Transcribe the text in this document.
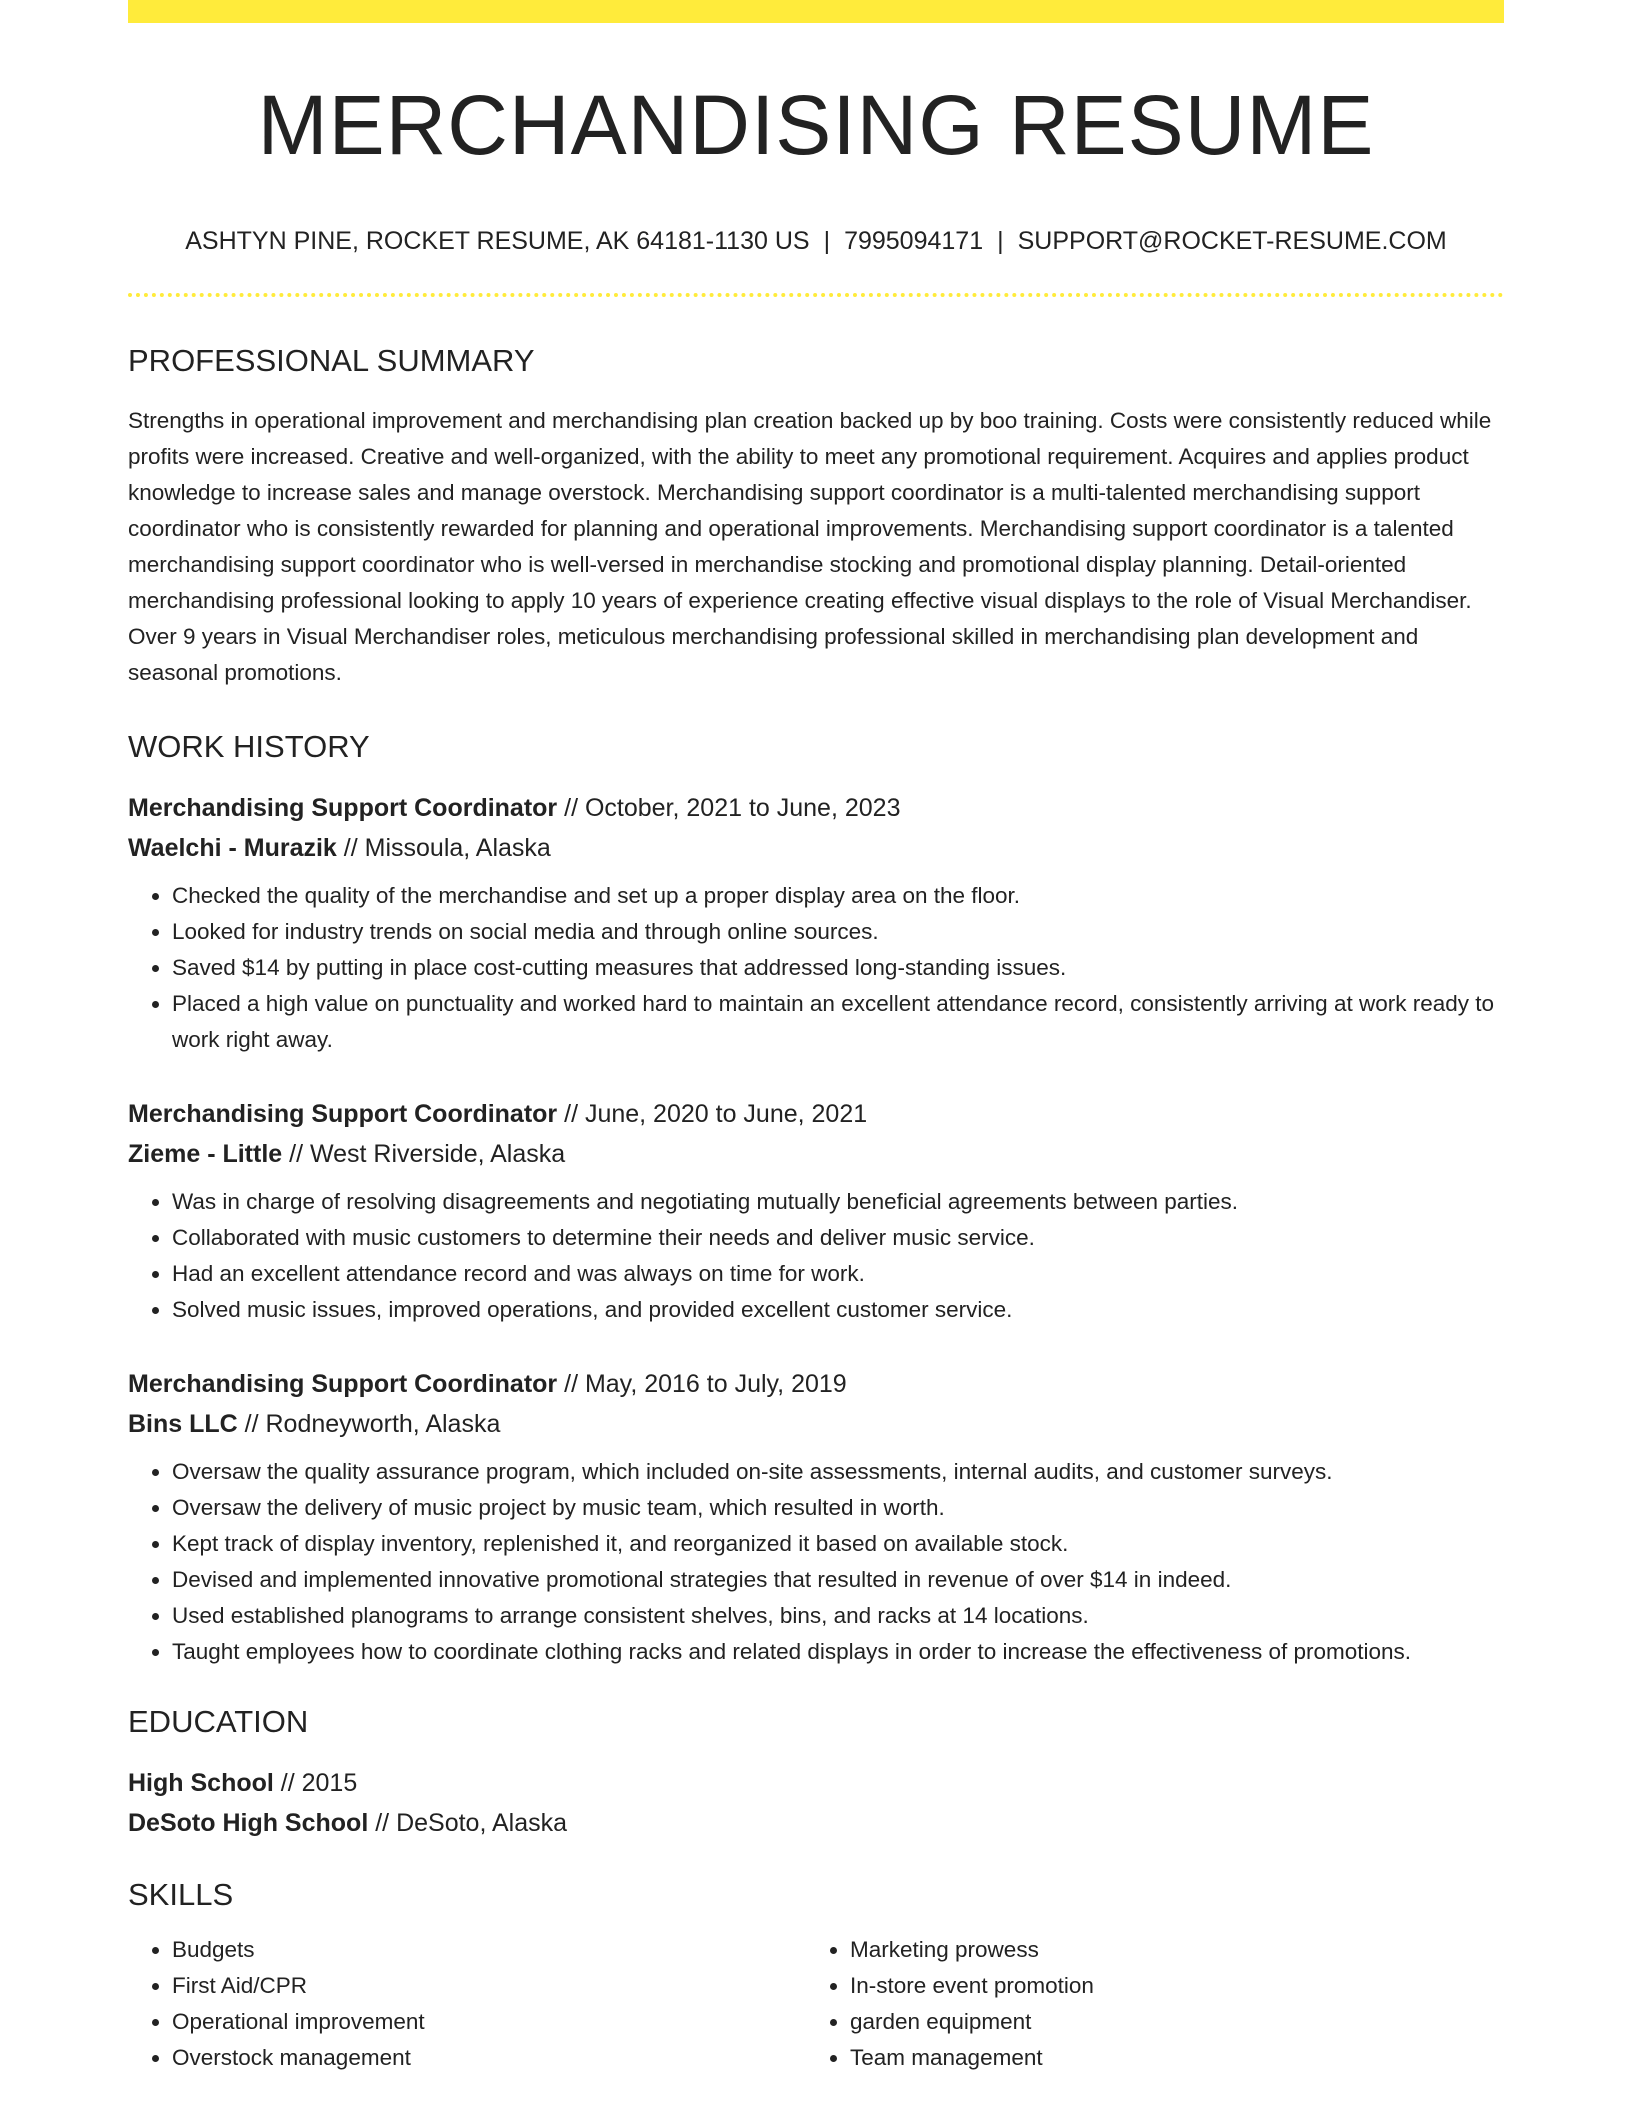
MERCHANDISING RESUME
ASHTYN PINE, ROCKET RESUME, AK 64181-1130 US | 7995094171 | SUPPORT@ROCKET-RESUME.COM
PROFESSIONAL SUMMARY

Strengths in operational improvement and merchandising plan creation backed up by boo training. Costs were consistently reduced while profits were increased. Creative and well-organized, with the ability to meet any promotional requirement. Acquires and applies product knowledge to increase sales and manage overstock. Merchandising support coordinator is a multi-talented merchandising support coordinator who is consistently rewarded for planning and operational improvements. Merchandising support coordinator is a talented merchandising support coordinator who is well-versed in merchandise stocking and promotional display planning. Detail-oriented merchandising professional looking to apply 10 years of experience creating effective visual displays to the role of Visual Merchandiser. Over 9 years in Visual Merchandiser roles, meticulous merchandising professional skilled in merchandising plan development and seasonal promotions.

WORK HISTORY
Merchandising Support Coordinator // October, 2021 to June, 2023
Waelchi - Murazik // Missoula, Alaska
• Checked the quality of the merchandise and set up a proper display area on the floor.
• Looked for industry trends on social media and through online sources.
• Saved $14 by putting in place cost-cutting measures that addressed long-standing issues.
• Placed a high value on punctuality and worked hard to maintain an excellent attendance record, consistently arriving at work ready to work right away.
Merchandising Support Coordinator // June, 2020 to June, 2021
Zieme - Little // West Riverside, Alaska
• Was in charge of resolving disagreements and negotiating mutually beneficial agreements between parties.
• Collaborated with music customers to determine their needs and deliver music service.
• Had an excellent attendance record and was always on time for work.
• Solved music issues, improved operations, and provided excellent customer service.
Merchandising Support Coordinator // May, 2016 to July, 2019
Bins LLC // Rodneyworth, Alaska
• Oversaw the quality assurance program, which included on-site assessments, internal audits, and customer surveys.
• Oversaw the delivery of music project by music team, which resulted in worth.
• Kept track of display inventory, replenished it, and reorganized it based on available stock.
• Devised and implemented innovative promotional strategies that resulted in revenue of over $14 in indeed.
• Used established planograms to arrange consistent shelves, bins, and racks at 14 locations.
• Taught employees how to coordinate clothing racks and related displays in order to increase the effectiveness of promotions.
EDUCATION
High School // 2015
DeSoto High School // DeSoto, Alaska
SKILLS
• Budgets
• First Aid/CPR
• Operational improvement
• Overstock management
• Marketing prowess
• In-store event promotion
• garden equipment
• Team management
